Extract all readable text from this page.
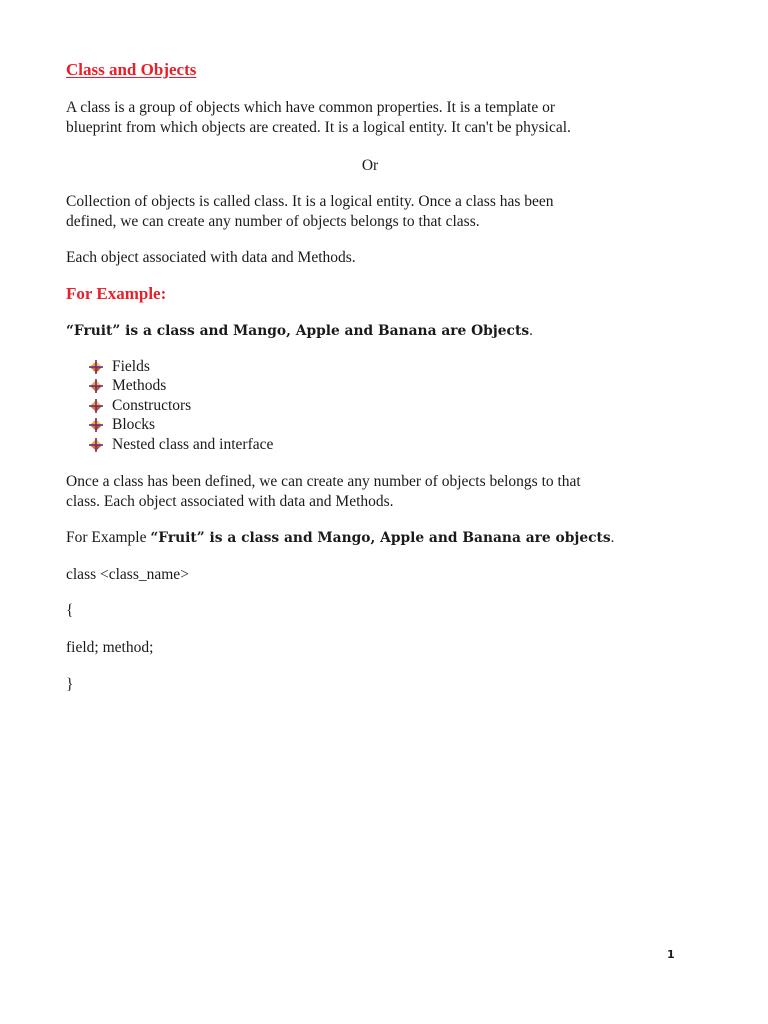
Class and Objects

A class is a group of objects which have common properties. It is a template or

blueprint from which objects are created. It is a logical entity. It can't be physical.

Or

Collection of objects is called class. It is a logical entity. Once a class has been

defined, we can create any number of objects belongs to that class.

Each object associated with data and Methods.

For Example:

“Fruit” is a class and Mango, Apple and Banana are Objects.

Fields
Methods
Constructors
Blocks
Nested class and interface

Once a class has been defined, we can create any number of objects belongs to that

class. Each object associated with data and Methods.

For Example “Fruit” is a class and Mango, Apple and Banana are objects.

class <class_name>

{

field; method;

}

1
